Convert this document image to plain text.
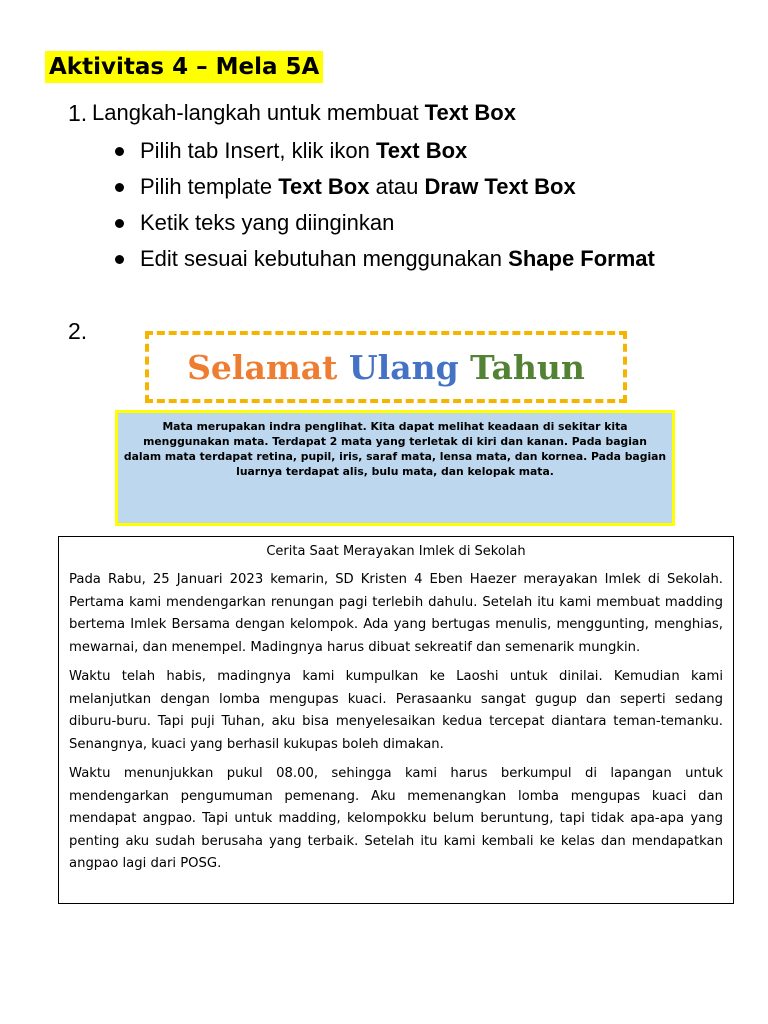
Aktivitas 4 – Mela 5A
1. Langkah-langkah untuk membuat Text Box
Pilih tab Insert, klik ikon Text Box
Pilih template Text Box atau Draw Text Box
Ketik teks yang diinginkan
Edit sesuai kebutuhan menggunakan Shape Format
2.
Selamat
Ulang
Tahun
Mata merupakan indra penglihat. Kita dapat melihat keadaan di sekitar kita menggunakan mata. Terdapat 2 mata yang terletak di kiri dan kanan. Pada bagian dalam mata terdapat retina, pupil, iris, saraf mata, lensa mata, dan kornea. Pada bagian luarnya terdapat alis, bulu mata, dan kelopak mata.
Cerita Saat Merayakan Imlek di Sekolah

Pada Rabu, 25 Januari 2023 kemarin, SD Kristen 4 Eben Haezer merayakan Imlek di Sekolah. Pertama kami mendengarkan renungan pagi terlebih dahulu. Setelah itu kami membuat madding bertema Imlek Bersama dengan kelompok. Ada yang bertugas menulis, menggunting, menghias, mewarnai, dan menempel. Madingnya harus dibuat sekreatif dan semenarik mungkin.

Waktu telah habis, madingnya kami kumpulkan ke Laoshi untuk dinilai. Kemudian kami melanjutkan dengan lomba mengupas kuaci. Perasaanku sangat gugup dan seperti sedang diburu-buru. Tapi puji Tuhan, aku bisa menyelesaikan kedua tercepat diantara teman-temanku. Senangnya, kuaci yang berhasil kukupas boleh dimakan.

Waktu menunjukkan pukul 08.00, sehingga kami harus berkumpul di lapangan untuk mendengarkan pengumuman pemenang. Aku memenangkan lomba mengupas kuaci dan mendapat angpao. Tapi untuk madding, kelompokku belum beruntung, tapi tidak apa-apa yang penting aku sudah berusaha yang terbaik. Setelah itu kami kembali ke kelas dan mendapatkan angpao lagi dari POSG.
